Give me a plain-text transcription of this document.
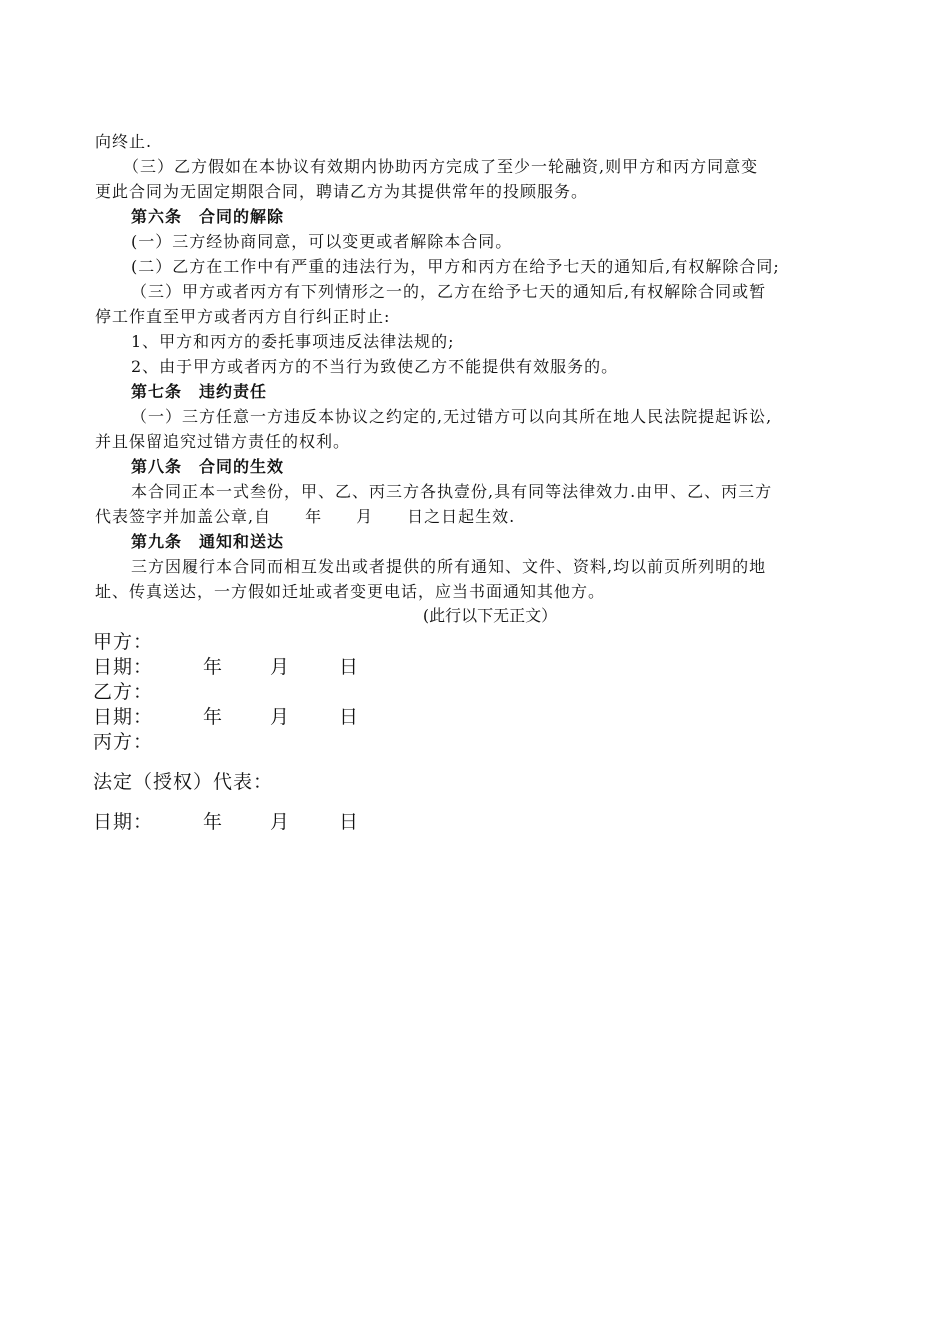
向终止.
（三）乙方假如在本协议有效期内协助丙方完成了至少一轮融资,则甲方和丙方同意变
更此合同为无固定期限合同，聘请乙方为其提供常年的投顾服务。
第六条　合同的解除
(一）三方经协商同意，可以变更或者解除本合同。
(二）乙方在工作中有严重的违法行为，甲方和丙方在给予七天的通知后,有权解除合同;
（三）甲方或者丙方有下列情形之一的，乙方在给予七天的通知后,有权解除合同或暂
停工作直至甲方或者丙方自行纠正时止:
1、甲方和丙方的委托事项违反法律法规的;
2、由于甲方或者丙方的不当行为致使乙方不能提供有效服务的。
第七条　违约责任
（一）三方任意一方违反本协议之约定的,无过错方可以向其所在地人民法院提起诉讼,
并且保留追究过错方责任的权利。
第八条　合同的生效
本合同正本一式叁份，甲、乙、丙三方各执壹份,具有同等法律效力.由甲、乙、丙三方
代表签字并加盖公章,自　　年　　月　　日之日起生效.
第九条　通知和送达
三方因履行本合同而相互发出或者提供的所有通知、文件、资料,均以前页所列明的地
址、传真送达，一方假如迁址或者变更电话，应当书面通知其他方。
(此行以下无正文）
甲方：
日期：	年 月	日
乙方：
日期：	年 月	日
丙方：
法定（授权）代表：
日期：	年 月	日
